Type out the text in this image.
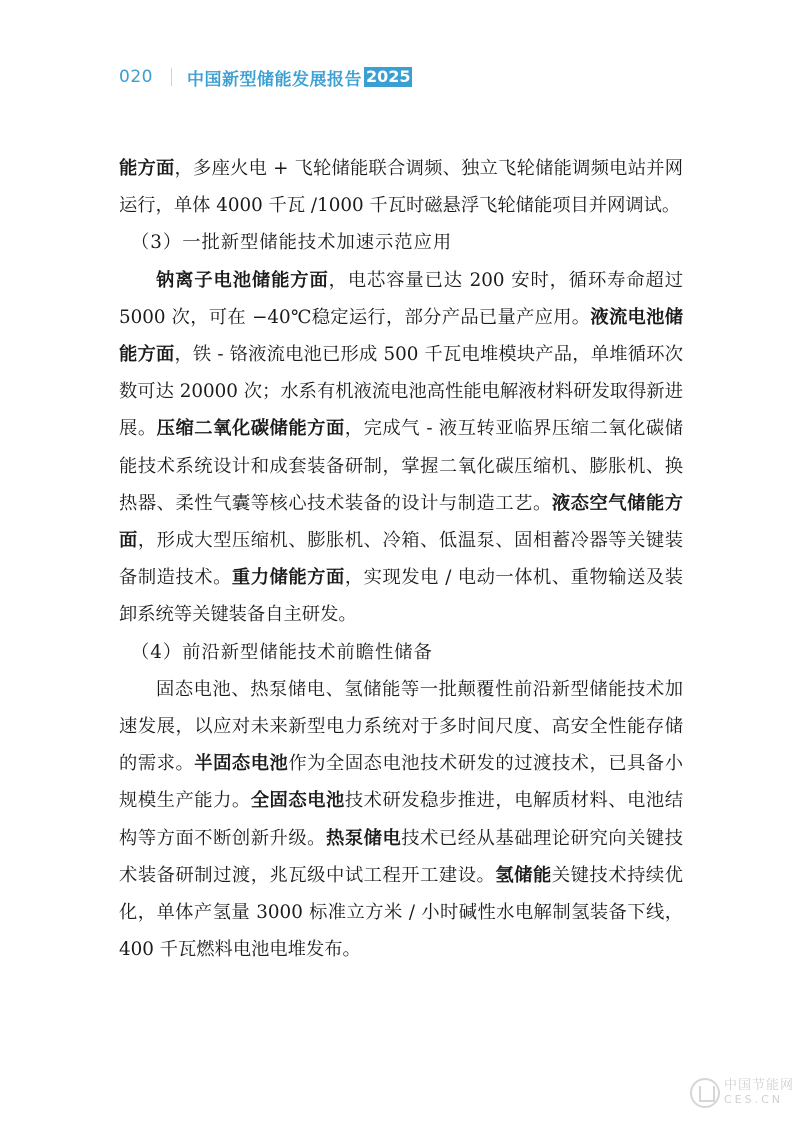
020 中国新型储能发展报告 2025

能方面，多座火电 + 飞轮储能联合调频、独立飞轮储能调频电站并网运行，单体 4000 千瓦 /1000 千瓦时磁悬浮飞轮储能项目并网调试。

（3）一批新型储能技术加速示范应用

钠离子电池储能方面，电芯容量已达 200 安时，循环寿命超过 5000 次，可在 −40℃稳定运行，部分产品已量产应用。液流电池储能方面，铁 - 铬液流电池已形成 500 千瓦电堆模块产品，单堆循环次数可达 20000 次；水系有机液流电池高性能电解液材料研发取得新进展。压缩二氧化碳储能方面，完成气 - 液互转亚临界压缩二氧化碳储能技术系统设计和成套装备研制，掌握二氧化碳压缩机、膨胀机、换热器、柔性气囊等核心技术装备的设计与制造工艺。液态空气储能方面，形成大型压缩机、膨胀机、冷箱、低温泵、固相蓄冷器等关键装备制造技术。重力储能方面，实现发电 / 电动一体机、重物输送及装卸系统等关键装备自主研发。

（4）前沿新型储能技术前瞻性储备

固态电池、热泵储电、氢储能等一批颠覆性前沿新型储能技术加速发展，以应对未来新型电力系统对于多时间尺度、高安全性能存储的需求。半固态电池作为全固态电池技术研发的过渡技术，已具备小规模生产能力。全固态电池技术研发稳步推进，电解质材料、电池结构等方面不断创新升级。热泵储电技术已经从基础理论研究向关键技术装备研制过渡，兆瓦级中试工程开工建设。氢储能关键技术持续优化，单体产氢量 3000 标准立方米 / 小时碱性水电解制氢装备下线，400 千瓦燃料电池电堆发布。

中国节能网
CES.CN
